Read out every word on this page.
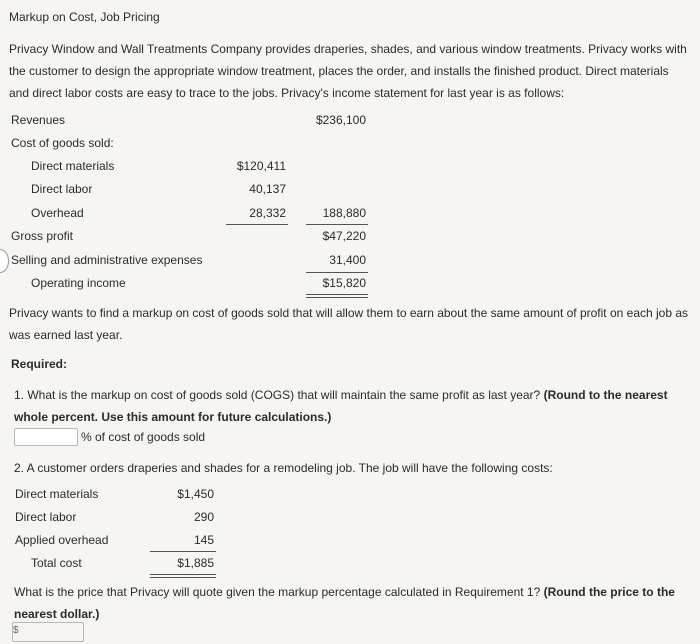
Markup on Cost, Job Pricing
Privacy Window and Wall Treatments Company provides draperies, shades, and various window treatments. Privacy works with the customer to design the appropriate window treatment, places the order, and installs the finished product. Direct materials and direct labor costs are easy to trace to the jobs. Privacy's income statement for last year is as follows:
Revenues	$236,100
Cost of goods sold:
Direct materials	$120,411
Direct labor	40,137
Overhead	28,332	188,880
Gross profit	$47,220
Selling and administrative expenses	31,400
Operating income	$15,820
Privacy wants to find a markup on cost of goods sold that will allow them to earn about the same amount of profit on each job as was earned last year.
Required:
1. What is the markup on cost of goods sold (COGS) that will maintain the same profit as last year? (Round to the nearest whole percent. Use this amount for future calculations.)
% of cost of goods sold
2. A customer orders draperies and shades for a remodeling job. The job will have the following costs:
Direct materials	$1,450
Direct labor	290
Applied overhead	145
Total cost	$1,885
What is the price that Privacy will quote given the markup percentage calculated in Requirement 1? (Round the price to the nearest dollar.)
$
